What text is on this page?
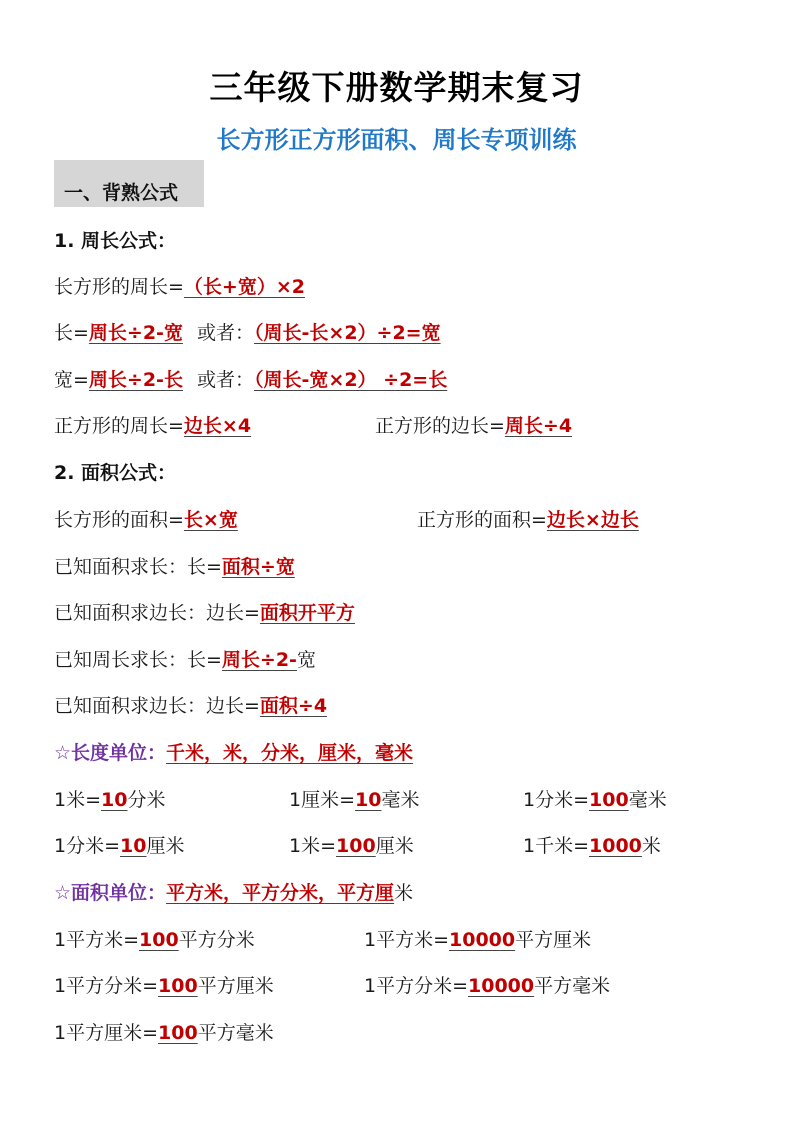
三年级下册数学期末复习
长方形正方形面积、周长专项训练
一、背熟公式
1. 周长公式：
长方形的周长=（长+宽）×2
长=周长÷2-宽 或者：（周长-长×2）÷2=宽
宽=周长÷2-长 或者：（周长-宽×2） ÷2=长
正方形的周长=边长×4	正方形的边长=周长÷4
2. 面积公式：
长方形的面积=长×宽	正方形的面积=边长×边长
已知面积求长：长=面积÷宽
已知面积求边长：边长=面积开平方
已知周长求长：长=周长÷2-宽
已知面积求边长：边长=面积÷4
☆长度单位：千米，米，分米，厘米，毫米
1米=10分米	1厘米=10毫米	1分米=100毫米
1分米=10厘米	1米=100厘米	1千米=1000米
☆面积单位：平方米，平方分米，平方厘米
1平方米=100平方分米	1平方米=10000平方厘米
1平方分米=100平方厘米	1平方分米=10000平方毫米
1平方厘米=100平方毫米
